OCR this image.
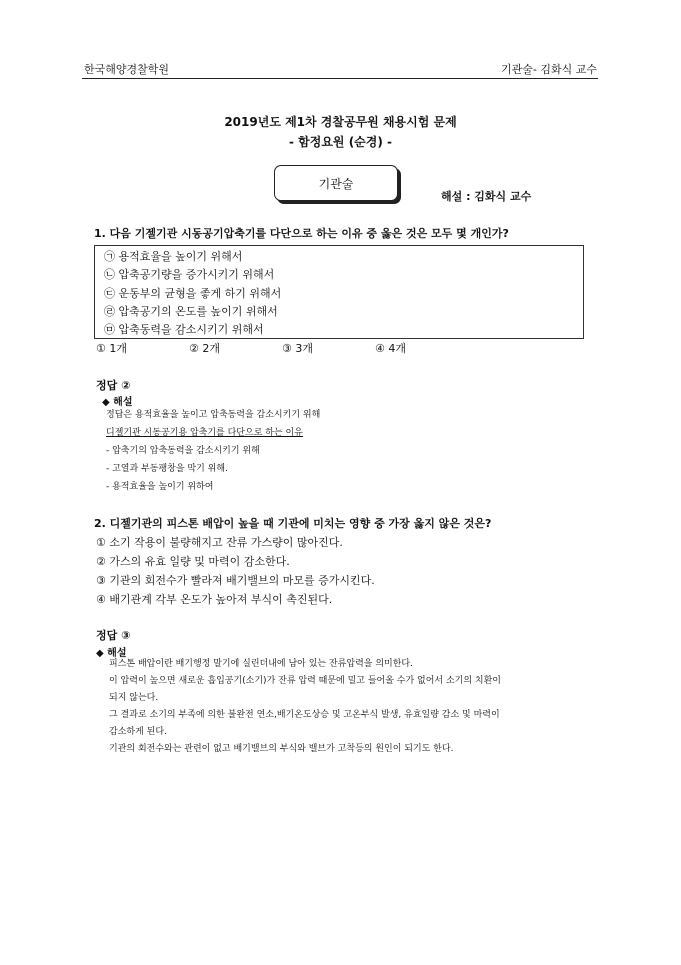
한국해양경찰학원	기관술- 김화식 교수
2019년도 제1차 경찰공무원 채용시험 문제
- 함정요원 (순경) -
기관술
해설 : 김화식 교수
1. 다음 기젤기관 시동공기압축기를 다단으로 하는 이유 중 옳은 것은 모두 몇 개인가?
㉠ 용적효율을 높이기 위해서
㉡ 압축공기량을 증가시키기 위해서
㉢ 운동부의 균형을 좋게 하기 위해서
㉣ 압축공기의 온도를 높이기 위해서
㉤ 압축동력을 감소시키기 위해서
① 1개	② 2개	③ 3개	④ 4개
정답 ②
◆ 해설
정답은 용적효율을 높이고 압축동력을 감소시키기 위해
디젤기관 시동공기용 압축기를 다단으로 하는 이유
- 압축기의 압축동력을 감소시키기 위해
- 고열과 부동팽창을 막기 위해.
- 용적효율을 높이기 위하여
2. 디젤기관의 피스톤 배압이 높을 때 기관에 미치는 영향 중 가장 옳지 않은 것은?
① 소기 작용이 불량해지고 잔류 가스량이 많아진다.
② 가스의 유효 일량 및 마력이 감소한다.
③ 기관의 회전수가 빨라져 배기밸브의 마모를 증가시킨다.
④ 배기관계 각부 온도가 높아져 부식이 촉진된다.
정답 ③
◆ 해설
피스톤 배압이란 배기행정 말기에 실린더내에 남아 있는 잔류압력을 의미한다.
이 압력이 높으면 새로운 흡입공기(소기)가 잔류 압력 때문에 밀고 들어올 수가 없어서 소기의 치환이
되지 않는다.
그 결과로 소기의 부족에 의한 불완전 연소,배기온도상승 및 고온부식 발생, 유효일량 감소 및 마력이
감소하게 된다.
기관의 회전수와는 관련이 없고 배기밸브의 부식와 밸브가 고착등의 원인이 되기도 한다.
